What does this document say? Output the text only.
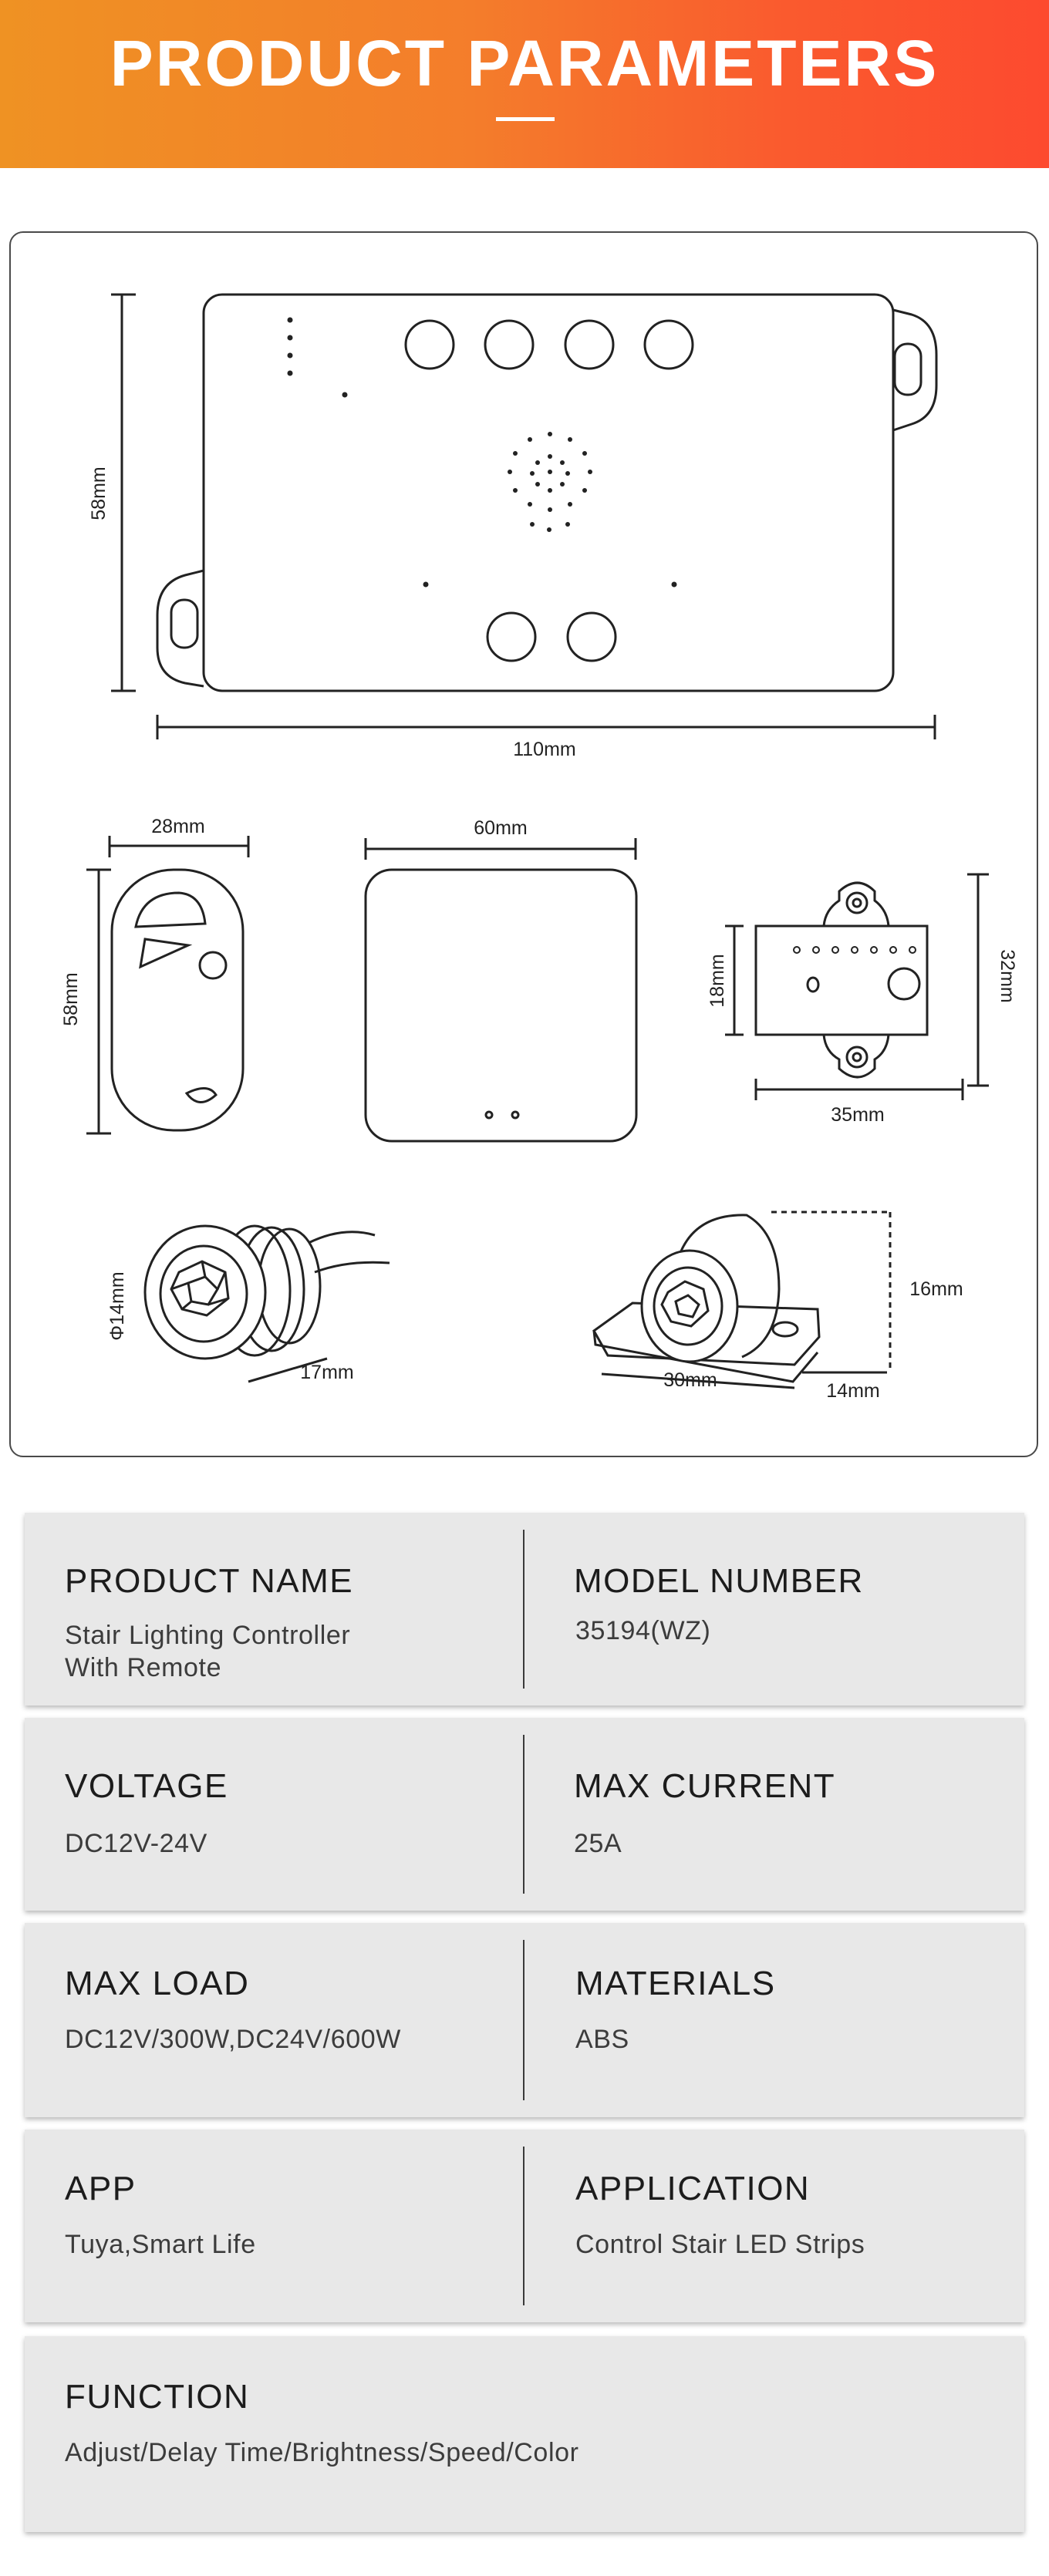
PRODUCT PARAMETERS
58mm
110mm
28mm
58mm
60mm
18mm	32mm
35mm
Φ14mm
17mm
16mm
30mm	14mm
PRODUCT NAME
Stair Lighting Controller
With Remote
MODEL NUMBER
35194(WZ)
VOLTAGE
DC12V-24V
MAX CURRENT
25A
MAX LOAD
DC12V/300W,DC24V/600W
MATERIALS
ABS
APP
Tuya,Smart Life
APPLICATION
Control Stair LED Strips
FUNCTION
Adjust/Delay Time/Brightness/Speed/Color
